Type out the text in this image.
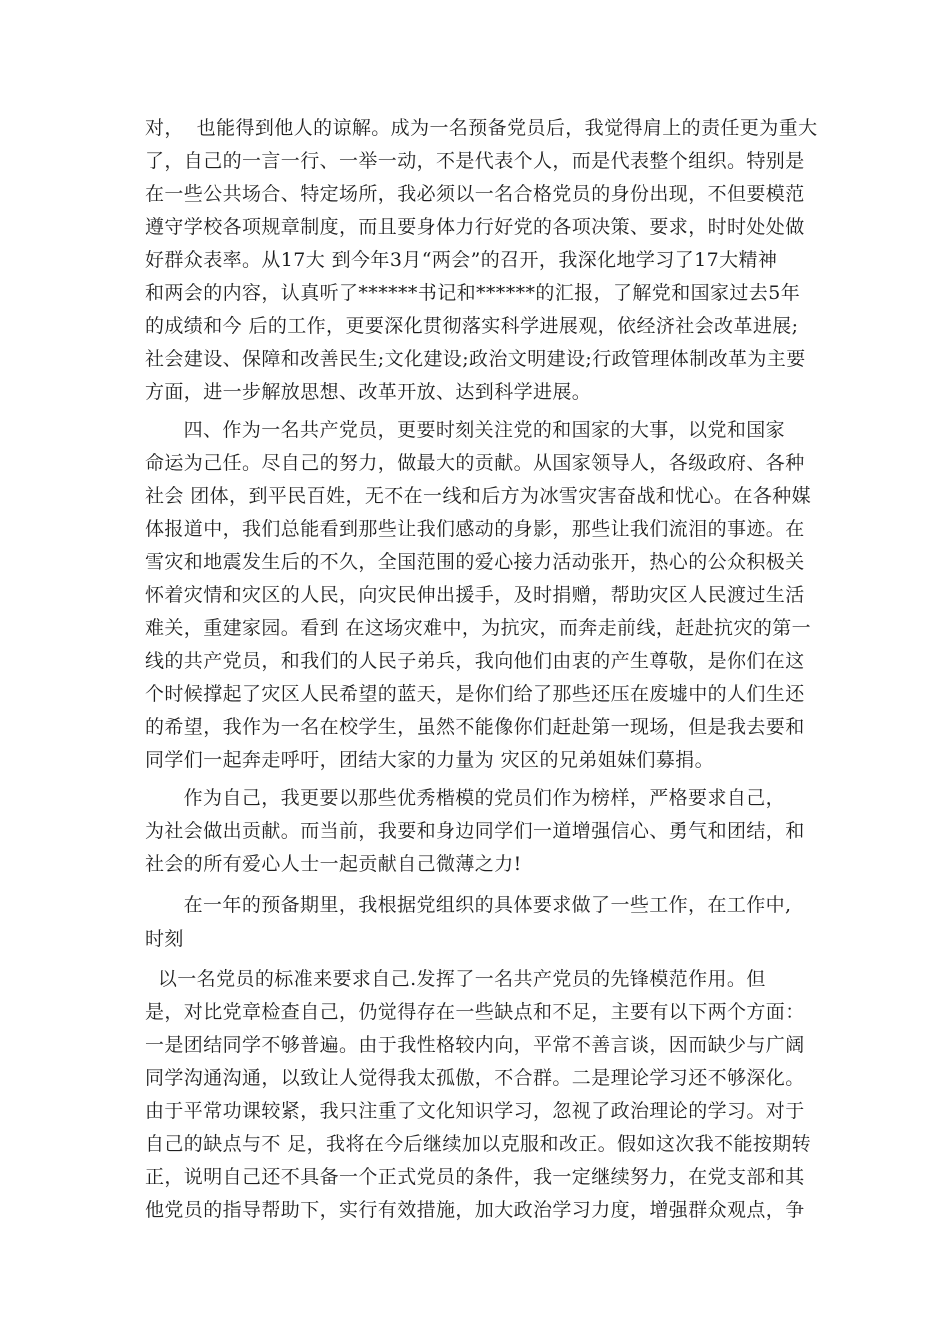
对，  也能得到他人的谅解。成为一名预备党员后，我觉得肩上的责任更为重大
了，自己的一言一行、一举一动，不是代表个人，而是代表整个组织。特别是
在一些公共场合、特定场所，我必须以一名合格党员的身份出现，不但要模范
遵守学校各项规章制度，而且要身体力行好党的各项决策、要求，时时处处做
好群众表率。从17大 到今年3月“两会”的召开，我深化地学习了17大精神
和两会的内容，认真听了******书记和******的汇报，了解党和国家过去5年
的成绩和今 后的工作，更要深化贯彻落实科学进展观，依经济社会改革进展;
社会建设、保障和改善民生;文化建设;政治文明建设;行政管理体制改革为主要
方面，进一步解放思想、改革开放、达到科学进展。
四、作为一名共产党员，更要时刻关注党的和国家的大事，以党和国家
命运为己任。尽自己的努力，做最大的贡献。从国家领导人，各级政府、各种
社会 团体，到平民百姓，无不在一线和后方为冰雪灾害奋战和忧心。在各种媒
体报道中，我们总能看到那些让我们感动的身影，那些让我们流泪的事迹。在
雪灾和地震发生后的不久，全国范围的爱心接力活动张开，热心的公众积极关
怀着灾情和灾区的人民，向灾民伸出援手，及时捐赠，帮助灾区人民渡过生活
难关，重建家园。看到 在这场灾难中，为抗灾，而奔走前线，赶赴抗灾的第一
线的共产党员，和我们的人民子弟兵，我向他们由衷的产生尊敬，是你们在这
个时候撑起了灾区人民希望的蓝天，是你们给了那些还压在废墟中的人们生还
的希望，我作为一名在校学生，虽然不能像你们赶赴第一现场，但是我去要和
同学们一起奔走呼吁，团结大家的力量为 灾区的兄弟姐妹们募捐。
作为自己，我更要以那些优秀楷模的党员们作为榜样，严格要求自己，
为社会做出贡献。而当前，我要和身边同学们一道增强信心、勇气和团结，和
社会的所有爱心人士一起贡献自己微薄之力!
在一年的预备期里，我根据党组织的具体要求做了一些工作，在工作中,
时刻
以一名党员的标准来要求自己.发挥了一名共产党员的先锋模范作用。但
是，对比党章检查自己，仍觉得存在一些缺点和不足，主要有以下两个方面：
一是团结同学不够普遍。由于我性格较内向，平常不善言谈，因而缺少与广阔
同学沟通沟通，以致让人觉得我太孤傲，不合群。二是理论学习还不够深化。
由于平常功课较紧，我只注重了文化知识学习，忽视了政治理论的学习。对于
自己的缺点与不 足，我将在今后继续加以克服和改正。假如这次我不能按期转
正，说明自己还不具备一个正式党员的条件，我一定继续努力，在党支部和其
他党员的指导帮助下，实行有效措施，加大政治学习力度，增强群众观点，争
